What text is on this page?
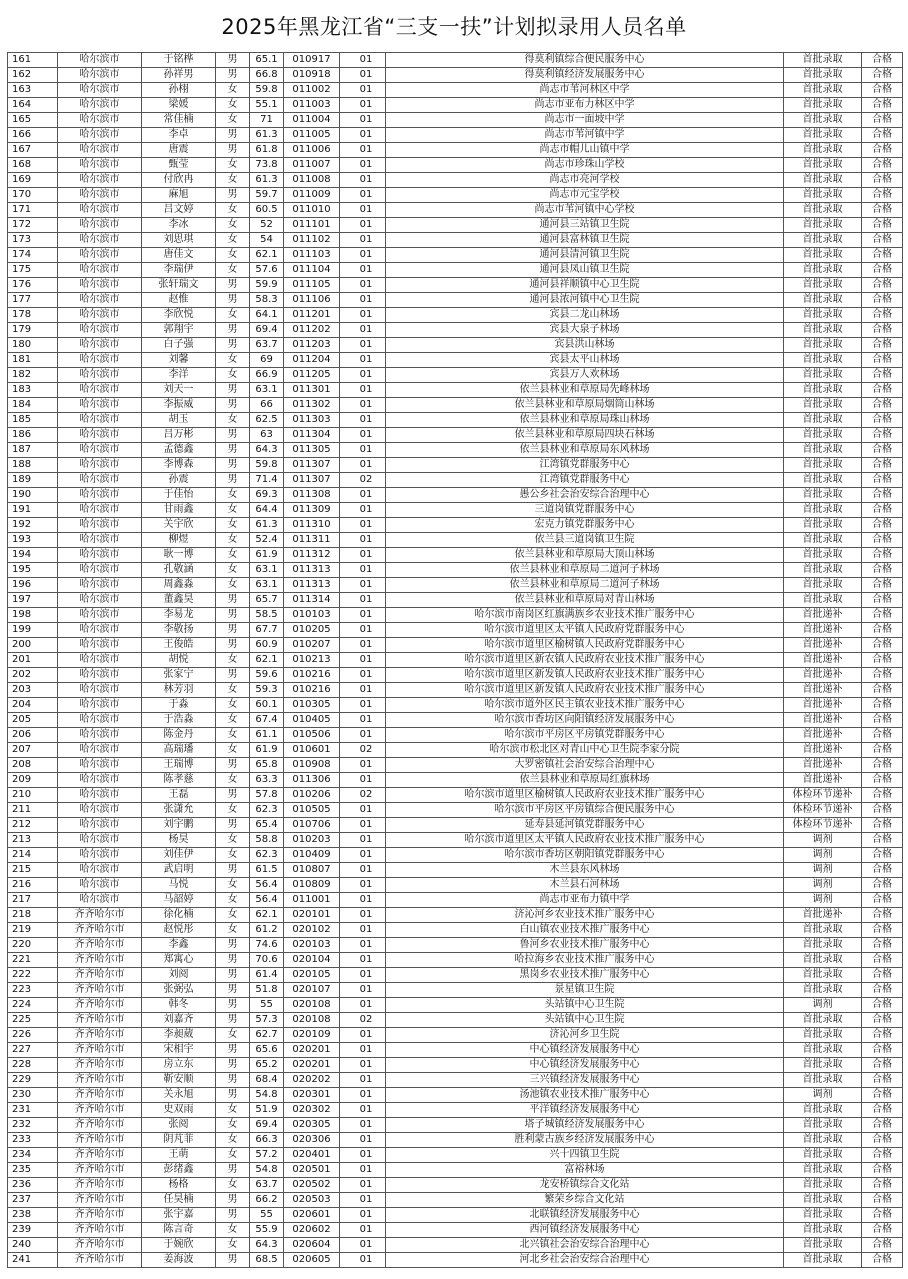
2025年黑龙江省“三支一扶”计划拟录用人员名单
161	哈尔滨市	于铭桦	男	65.1	010917	01	得莫利镇综合便民服务中心	首批录取	合格
162	哈尔滨市	孙祥男	男	66.8	010918	01	得莫利镇经济发展服务中心	首批录取	合格
163	哈尔滨市	孙栩	女	59.8	011002	01	尚志市苇河林区中学	首批录取	合格
164	哈尔滨市	梁媛	女	55.1	011003	01	尚志市亚布力林区中学	首批录取	合格
165	哈尔滨市	常佳楠	女	71	011004	01	尚志市一面坡中学	首批录取	合格
166	哈尔滨市	李卓	男	61.3	011005	01	尚志市苇河镇中学	首批录取	合格
167	哈尔滨市	唐震	男	61.8	011006	01	尚志市帽儿山镇中学	首批录取	合格
168	哈尔滨市	甄莹	女	73.8	011007	01	尚志市珍珠山学校	首批录取	合格
169	哈尔滨市	付欣冉	女	61.3	011008	01	尚志市亮河学校	首批录取	合格
170	哈尔滨市	麻旭	男	59.7	011009	01	尚志市元宝学校	首批录取	合格
171	哈尔滨市	吕文婷	女	60.5	011010	01	尚志市苇河镇中心学校	首批录取	合格
172	哈尔滨市	李冰	女	52	011101	01	通河县三站镇卫生院	首批录取	合格
173	哈尔滨市	刘思琪	女	54	011102	01	通河县富林镇卫生院	首批录取	合格
174	哈尔滨市	唐佳文	女	62.1	011103	01	通河县清河镇卫生院	首批录取	合格
175	哈尔滨市	李瑞伊	女	57.6	011104	01	通河县凤山镇卫生院	首批录取	合格
176	哈尔滨市	张轩瑞文	男	59.9	011105	01	通河县祥顺镇中心卫生院	首批录取	合格
177	哈尔滨市	赵惟	男	58.3	011106	01	通河县浓河镇中心卫生院	首批录取	合格
178	哈尔滨市	李欣悦	女	64.1	011201	01	宾县二龙山林场	首批录取	合格
179	哈尔滨市	郭翔宇	男	69.4	011202	01	宾县大泉子林场	首批录取	合格
180	哈尔滨市	白子强	男	63.7	011203	01	宾县洪山林场	首批录取	合格
181	哈尔滨市	刘馨	女	69	011204	01	宾县太平山林场	首批录取	合格
182	哈尔滨市	李洋	女	66.9	011205	01	宾县万人欢林场	首批录取	合格
183	哈尔滨市	刘天一	男	63.1	011301	01	依兰县林业和草原局先峰林场	首批录取	合格
184	哈尔滨市	李振威	男	66	011302	01	依兰县林业和草原局烟筒山林场	首批录取	合格
185	哈尔滨市	胡玉	女	62.5	011303	01	依兰县林业和草原局珠山林场	首批录取	合格
186	哈尔滨市	吕万彬	男	63	011304	01	依兰县林业和草原局四块石林场	首批录取	合格
187	哈尔滨市	孟德鑫	男	64.3	011305	01	依兰县林业和草原局东风林场	首批录取	合格
188	哈尔滨市	李博森	男	59.8	011307	01	江湾镇党群服务中心	首批录取	合格
189	哈尔滨市	孙震	男	71.4	011307	02	江湾镇党群服务中心	首批录取	合格
190	哈尔滨市	于佳怡	女	69.3	011308	01	愚公乡社会治安综合治理中心	首批录取	合格
191	哈尔滨市	甘雨鑫	女	64.4	011309	01	三道岗镇党群服务中心	首批录取	合格
192	哈尔滨市	关宇欣	女	61.3	011310	01	宏克力镇党群服务中心	首批录取	合格
193	哈尔滨市	柳煜	女	52.4	011311	01	依兰县三道岗镇卫生院	首批录取	合格
194	哈尔滨市	耿一博	女	61.9	011312	01	依兰县林业和草原局大顶山林场	首批录取	合格
195	哈尔滨市	孔敬涵	女	63.1	011313	01	依兰县林业和草原局二道河子林场	首批录取	合格
196	哈尔滨市	周鑫淼	女	63.1	011313	01	依兰县林业和草原局二道河子林场	首批录取	合格
197	哈尔滨市	董鑫昊	男	65.7	011314	01	依兰县林业和草原局对青山林场	首批录取	合格
198	哈尔滨市	李易龙	男	58.5	010103	01	哈尔滨市南岗区红旗满族乡农业技术推广服务中心	首批递补	合格
199	哈尔滨市	李敬扬	男	67.7	010205	01	哈尔滨市道里区太平镇人民政府党群服务中心	首批递补	合格
200	哈尔滨市	王俊皓	男	60.9	010207	01	哈尔滨市道里区榆树镇人民政府党群服务中心	首批递补	合格
201	哈尔滨市	胡悦	女	62.1	010213	01	哈尔滨市道里区新农镇人民政府农业技术推广服务中心	首批递补	合格
202	哈尔滨市	张家宁	男	59.6	010216	01	哈尔滨市道里区新发镇人民政府农业技术推广服务中心	首批递补	合格
203	哈尔滨市	林芳羽	女	59.3	010216	01	哈尔滨市道里区新发镇人民政府农业技术推广服务中心	首批递补	合格
204	哈尔滨市	于淼	女	60.1	010305	01	哈尔滨市道外区民主镇农业技术推广服务中心	首批递补	合格
205	哈尔滨市	于浩淼	女	67.4	010405	01	哈尔滨市香坊区向阳镇经济发展服务中心	首批递补	合格
206	哈尔滨市	陈金丹	女	61.1	010506	01	哈尔滨市平房区平房镇党群服务中心	首批递补	合格
207	哈尔滨市	高瑞璠	女	61.9	010601	02	哈尔滨市松北区对青山中心卫生院李家分院	首批递补	合格
208	哈尔滨市	王瑞博	男	65.8	010908	01	大罗密镇社会治安综合治理中心	首批递补	合格
209	哈尔滨市	陈孝慈	女	63.3	011306	01	依兰县林业和草原局红旗林场	首批递补	合格
210	哈尔滨市	王磊	男	57.8	010206	02	哈尔滨市道里区榆树镇人民政府农业技术推广服务中心	体检环节递补	合格
211	哈尔滨市	张潇允	女	62.3	010505	01	哈尔滨市平房区平房镇综合便民服务中心	体检环节递补	合格
212	哈尔滨市	刘宇鹏	男	65.4	010706	01	延寿县延河镇党群服务中心	体检环节递补	合格
213	哈尔滨市	杨昊	女	58.8	010203	01	哈尔滨市道里区太平镇人民政府农业技术推广服务中心	调剂	合格
214	哈尔滨市	刘佳伊	女	62.3	010409	01	哈尔滨市香坊区朝阳镇党群服务中心	调剂	合格
215	哈尔滨市	武启明	男	61.5	010807	01	木兰县东风林场	调剂	合格
216	哈尔滨市	马悦	女	56.4	010809	01	木兰县石河林场	调剂	合格
217	哈尔滨市	马韶婷	女	56.4	011001	01	尚志市亚布力镇中学	调剂	合格
218	齐齐哈尔市	徐化楠	女	62.1	020101	01	济沁河乡农业技术推广服务中心	首批递补	合格
219	齐齐哈尔市	赵悦彤	女	61.2	020102	01	白山镇农业技术推广服务中心	首批录取	合格
220	齐齐哈尔市	李鑫	男	74.6	020103	01	鲁河乡农业技术推广服务中心	首批录取	合格
221	齐齐哈尔市	郑寓心	男	70.6	020104	01	哈拉海乡农业技术推广服务中心	首批录取	合格
222	齐齐哈尔市	刘阅	男	61.4	020105	01	黑岗乡农业技术推广服务中心	首批录取	合格
223	齐齐哈尔市	张弼弘	男	51.8	020107	01	景星镇卫生院	首批录取	合格
224	齐齐哈尔市	韩冬	男	55	020108	01	头站镇中心卫生院	调剂	合格
225	齐齐哈尔市	刘嘉齐	男	57.3	020108	02	头站镇中心卫生院	首批录取	合格
226	齐齐哈尔市	李昶葳	女	62.7	020109	01	济沁河乡卫生院	首批录取	合格
227	齐齐哈尔市	宋相宇	男	65.6	020201	01	中心镇经济发展服务中心	首批录取	合格
228	齐齐哈尔市	房立东	男	65.2	020201	01	中心镇经济发展服务中心	首批录取	合格
229	齐齐哈尔市	靳安顺	男	68.4	020202	01	三兴镇经济发展服务中心	首批录取	合格
230	齐齐哈尔市	关永旭	男	54.8	020301	01	汤池镇农业技术推广服务中心	调剂	合格
231	齐齐哈尔市	史双雨	女	51.9	020302	01	平洋镇经济发展服务中心	首批录取	合格
232	齐齐哈尔市	张阅	女	69.4	020305	01	塔子城镇经济发展服务中心	首批录取	合格
233	齐齐哈尔市	阴芃菲	女	66.3	020306	01	胜利蒙古族乡经济发展服务中心	首批录取	合格
234	齐齐哈尔市	王萌	女	57.2	020401	01	兴十四镇卫生院	首批录取	合格
235	齐齐哈尔市	彭绪鑫	男	54.8	020501	01	富裕林场	首批录取	合格
236	齐齐哈尔市	杨格	女	63.7	020502	01	龙安桥镇综合文化站	首批录取	合格
237	齐齐哈尔市	任昊楠	男	66.2	020503	01	繁荣乡综合文化站	首批录取	合格
238	齐齐哈尔市	张宇嘉	男	55	020601	01	北联镇经济发展服务中心	首批录取	合格
239	齐齐哈尔市	陈言奇	女	55.9	020602	01	西河镇经济发展服务中心	首批录取	合格
240	齐齐哈尔市	于婉欣	女	64.3	020604	01	北兴镇社会治安综合治理中心	首批录取	合格
241	齐齐哈尔市	姜海波	男	68.5	020605	01	河北乡社会治安综合治理中心	首批录取	合格
